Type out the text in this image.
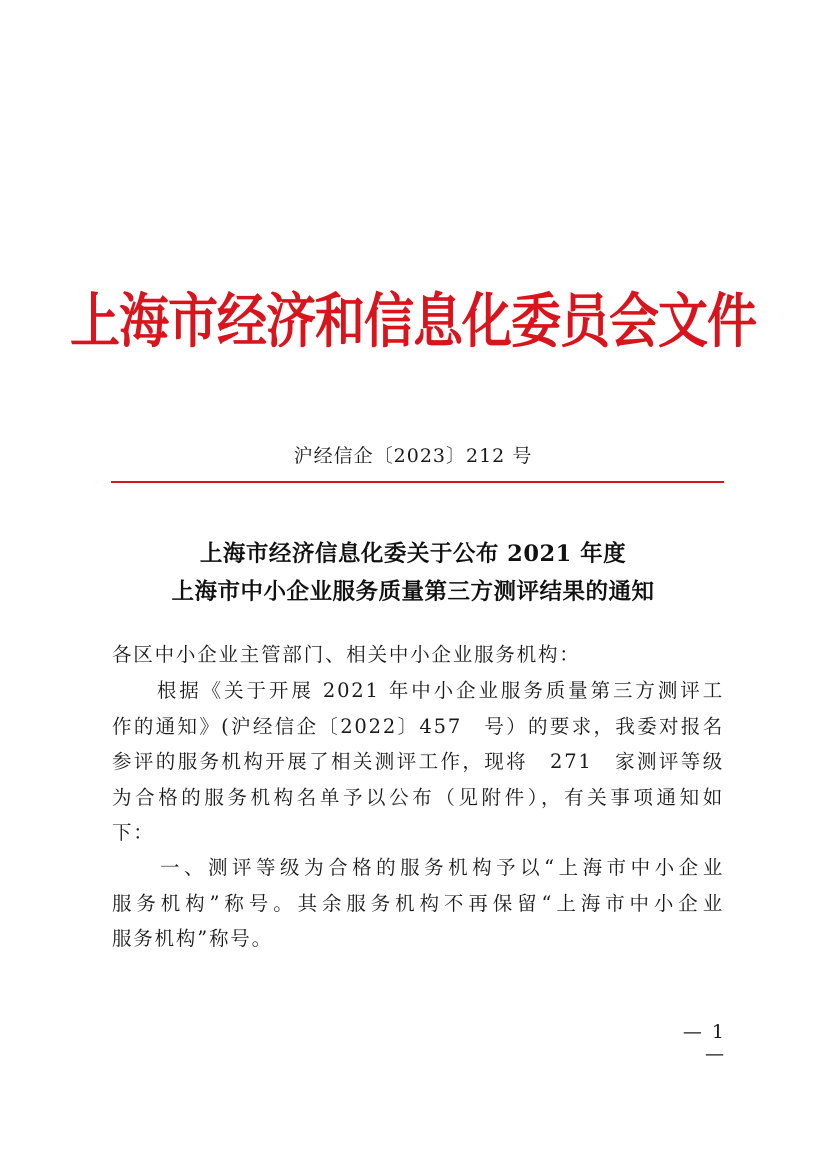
上海市经济和信息化委员会文件
沪经信企〔2023〕212 号
上海市经济信息化委关于公布 2021 年度
上海市中小企业服务质量第三方测评结果的通知
各区中小企业主管部门、相关中小企业服务机构：
　　根据《关于开展 2021 年中小企业服务质量第三方测评工
作的通知》(沪经信企〔2022〕457　号）的要求，我委对报名
参评的服务机构开展了相关测评工作，现将　271　家测评等级
为合格的服务机构名单予以公布（见附件），有关事项通知如
下：
　　一、测评等级为合格的服务机构予以“上海市中小企业
服务机构”称号。其余服务机构不再保留“上海市中小企业
服务机构”称号。
— 1 —
